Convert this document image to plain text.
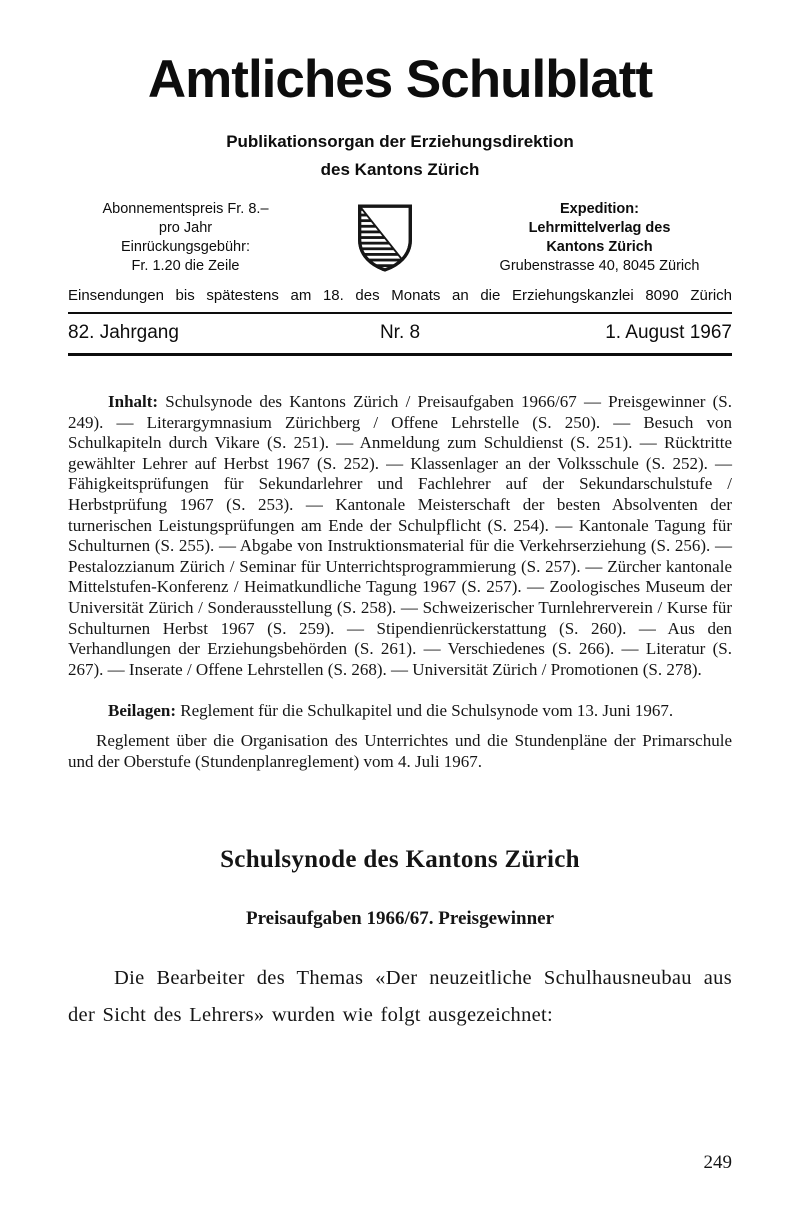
Amtliches Schulblatt
Publikationsorgan der Erziehungsdirektion
des Kantons Zürich
Abonnementspreis Fr. 8.–
pro Jahr
Einrückungsgebühr:
Fr. 1.20 die Zeile
Expedition:
Lehrmittelverlag des
Kantons Zürich
Grubenstrasse 40, 8045 Zürich
Einsendungen bis spätestens am 18. des Monats an die Erziehungskanzlei 8090 Zürich
82. Jahrgang	Nr. 8	1. August 1967

Inhalt: Schulsynode des Kantons Zürich / Preisaufgaben 1966/67 — Preisgewinner (S. 249). — Literargymnasium Zürichberg / Offene Lehrstelle (S. 250). — Besuch von Schulkapiteln durch Vikare (S. 251). — Anmeldung zum Schuldienst (S. 251). — Rücktritte gewählter Lehrer auf Herbst 1967 (S. 252). — Klassenlager an der Volksschule (S. 252). — Fähigkeitsprüfungen für Sekundarlehrer und Fachlehrer auf der Sekundarschulstufe / Herbstprüfung 1967 (S. 253). — Kantonale Meisterschaft der besten Absolventen der turnerischen Leistungsprüfungen am Ende der Schulpflicht (S. 254). — Kantonale Tagung für Schulturnen (S. 255). — Abgabe von Instruktionsmaterial für die Verkehrserziehung (S. 256). — Pestalozzianum Zürich / Seminar für Unterrichtsprogrammierung (S. 257). — Zürcher kantonale Mittelstufen-Konferenz / Heimatkundliche Tagung 1967 (S. 257). — Zoologisches Museum der Universität Zürich / Sonderausstellung (S. 258). — Schweizerischer Turnlehrerverein / Kurse für Schulturnen Herbst 1967 (S. 259). — Stipendienrückerstattung (S. 260). — Aus den Verhandlungen der Erziehungsbehörden (S. 261). — Verschiedenes (S. 266). — Literatur (S. 267). — Inserate / Offene Lehrstellen (S. 268). — Universität Zürich / Promotionen (S. 278).

Beilagen: Reglement für die Schulkapitel und die Schulsynode vom 13. Juni 1967.

Reglement über die Organisation des Unterrichtes und die Stundenpläne der Primarschule und der Oberstufe (Stundenplanreglement) vom 4. Juli 1967.

Schulsynode des Kantons Zürich
Preisaufgaben 1966/67. Preisgewinner

Die Bearbeiter des Themas «Der neuzeitliche Schulhausneubau aus der Sicht des Lehrers» wurden wie folgt ausgezeichnet:

249
